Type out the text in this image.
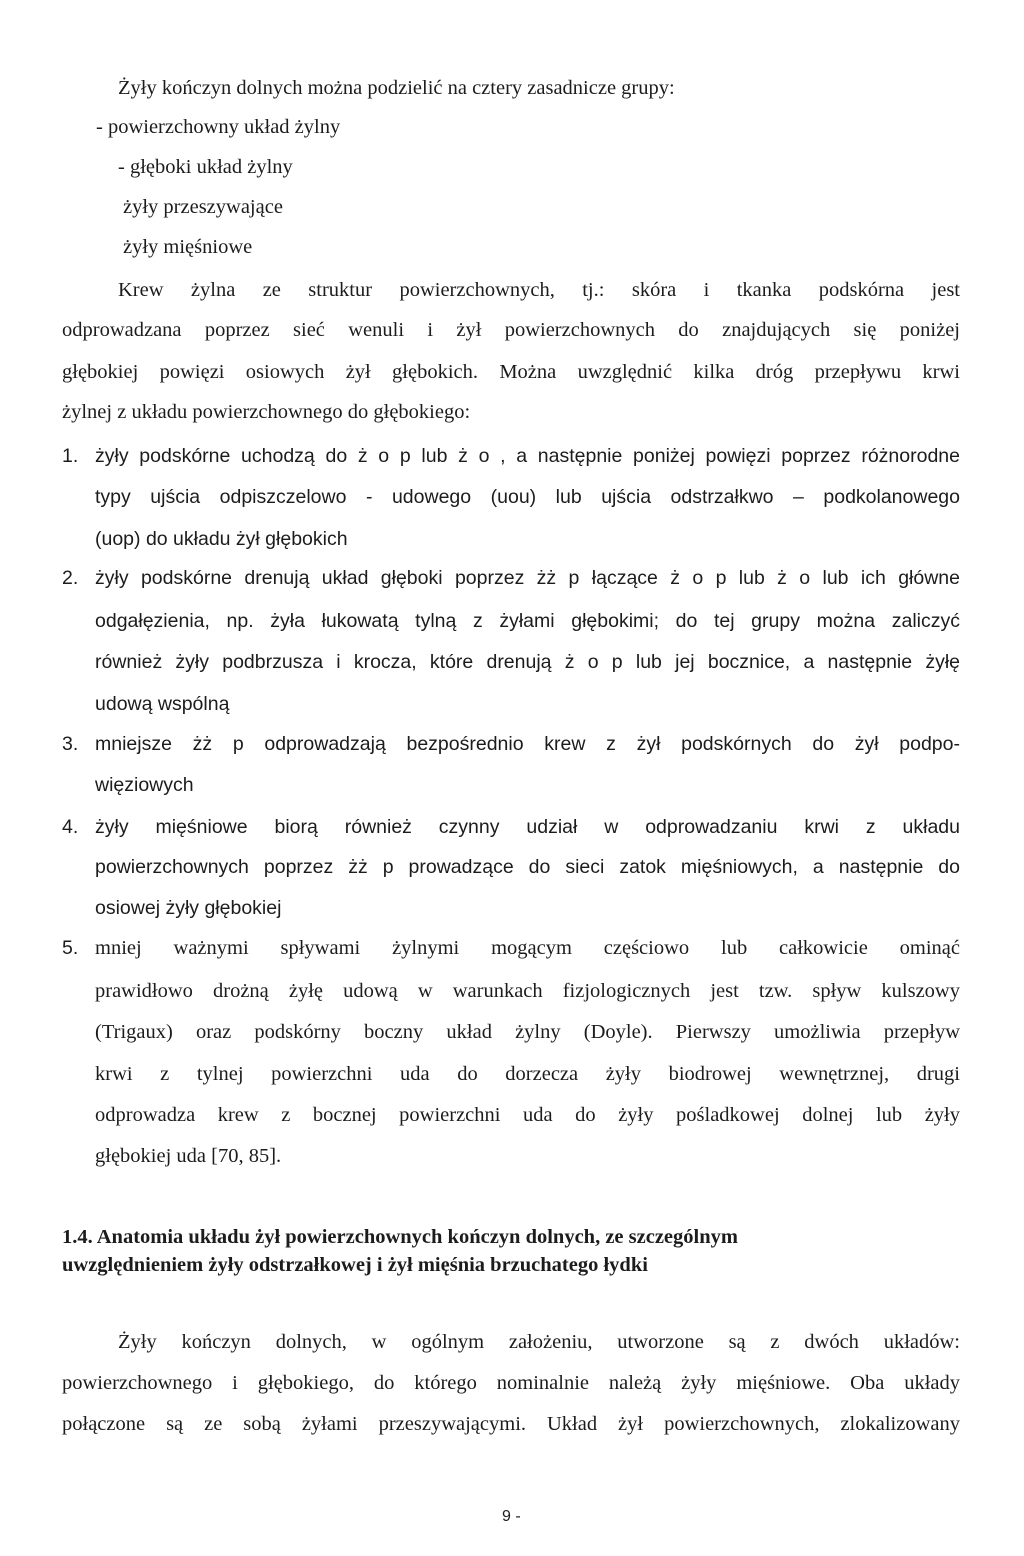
Żyły kończyn dolnych można podzielić na cztery zasadnicze grupy:
- powierzchowny układ żylny
- głęboki układ żylny
żyły przeszywające
żyły mięśniowe
Krew żylna ze struktur powierzchownych, tj.: skóra i tkanka podskórna jest
odprowadzana poprzez sieć wenuli i żył powierzchownych do znajdujących się poniżej
głębokiej powięzi osiowych żył głębokich. Można uwzględnić kilka dróg przepływu krwi
żylnej z układu powierzchownego do głębokiego:
1. żyły podskórne uchodzą do ż o p lub ż o , a następnie poniżej powięzi poprzez różnorodne
typy ujścia odpiszczelowo - udowego (uou) lub ujścia odstrzałkwo – podkolanowego
(uop) do układu żył głębokich
2. żyły podskórne drenują układ głęboki poprzez żż p łączące ż o p lub ż o lub ich główne
odgałęzienia, np. żyła łukowatą tylną z żyłami głębokimi; do tej grupy można zaliczyć
również żyły podbrzusza i krocza, które drenują ż o p lub jej bocznice, a następnie żyłę
udową wspólną
3. mniejsze żż p odprowadzają bezpośrednio krew z żył podskórnych do żył podpo-
więziowych
4. żyły mięśniowe biorą również czynny udział w odprowadzaniu krwi z układu
powierzchownych poprzez żż p prowadzące do sieci zatok mięśniowych, a następnie do
osiowej żyły głębokiej
5. mniej ważnymi spływami żylnymi mogącym częściowo lub całkowicie ominąć
prawidłowo drożną żyłę udową w warunkach fizjologicznych jest tzw. spływ kulszowy
(Trigaux) oraz podskórny boczny układ żylny (Doyle). Pierwszy umożliwia przepływ
krwi z tylnej powierzchni uda do dorzecza żyły biodrowej wewnętrznej, drugi
odprowadza krew z bocznej powierzchni uda do żyły pośladkowej dolnej lub żyły
głębokiej uda [70, 85].
1.4. Anatomia układu żył powierzchownych kończyn dolnych, ze szczególnym
uwzględnieniem żyły odstrzałkowej i żył mięśnia brzuchatego łydki
Żyły kończyn dolnych, w ogólnym założeniu, utworzone są z dwóch układów:
powierzchownego i głębokiego, do którego nominalnie należą żyły mięśniowe. Oba układy
połączone są ze sobą żyłami przeszywającymi. Układ żył powierzchownych, zlokalizowany
9 -
